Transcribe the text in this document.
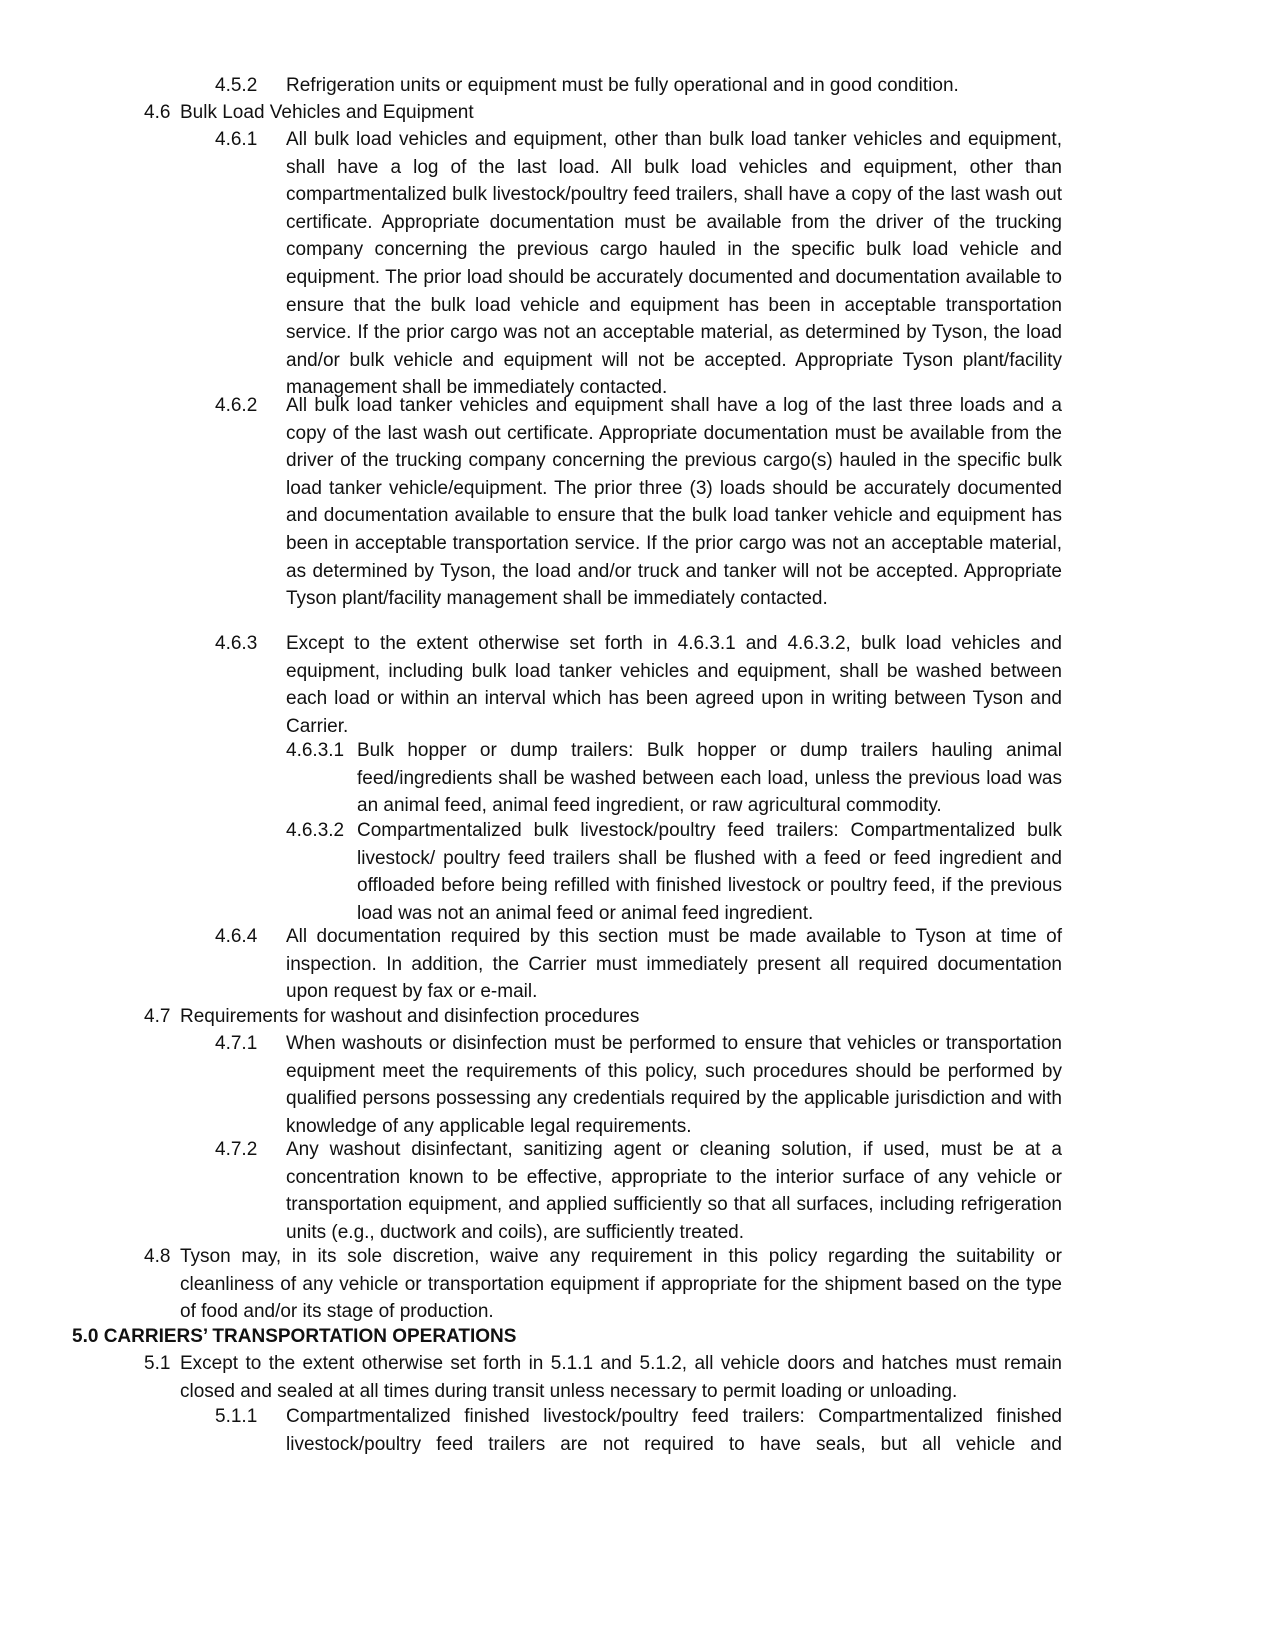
4.5.2 Refrigeration units or equipment must be fully operational and in good condition.
4.6 Bulk Load Vehicles and Equipment
4.6.1 All bulk load vehicles and equipment, other than bulk load tanker vehicles and equipment, shall have a log of the last load. All bulk load vehicles and equipment, other than compartmentalized bulk livestock/poultry feed trailers, shall have a copy of the last wash out certificate. Appropriate documentation must be available from the driver of the trucking company concerning the previous cargo hauled in the specific bulk load vehicle and equipment. The prior load should be accurately documented and documentation available to ensure that the bulk load vehicle and equipment has been in acceptable transportation service. If the prior cargo was not an acceptable material, as determined by Tyson, the load and/or bulk vehicle and equipment will not be accepted. Appropriate Tyson plant/facility management shall be immediately contacted.
4.6.2 All bulk load tanker vehicles and equipment shall have a log of the last three loads and a copy of the last wash out certificate. Appropriate documentation must be available from the driver of the trucking company concerning the previous cargo(s) hauled in the specific bulk load tanker vehicle/equipment. The prior three (3) loads should be accurately documented and documentation available to ensure that the bulk load tanker vehicle and equipment has been in acceptable transportation service. If the prior cargo was not an acceptable material, as determined by Tyson, the load and/or truck and tanker will not be accepted. Appropriate Tyson plant/facility management shall be immediately contacted.
4.6.3 Except to the extent otherwise set forth in 4.6.3.1 and 4.6.3.2, bulk load vehicles and equipment, including bulk load tanker vehicles and equipment, shall be washed between each load or within an interval which has been agreed upon in writing between Tyson and Carrier.
4.6.3.1 Bulk hopper or dump trailers: Bulk hopper or dump trailers hauling animal feed/ingredients shall be washed between each load, unless the previous load was an animal feed, animal feed ingredient, or raw agricultural commodity.
4.6.3.2 Compartmentalized bulk livestock/poultry feed trailers: Compartmentalized bulk livestock/ poultry feed trailers shall be flushed with a feed or feed ingredient and offloaded before being refilled with finished livestock or poultry feed, if the previous load was not an animal feed or animal feed ingredient.
4.6.4 All documentation required by this section must be made available to Tyson at time of inspection. In addition, the Carrier must immediately present all required documentation upon request by fax or e-mail.
4.7 Requirements for washout and disinfection procedures
4.7.1 When washouts or disinfection must be performed to ensure that vehicles or transportation equipment meet the requirements of this policy, such procedures should be performed by qualified persons possessing any credentials required by the applicable jurisdiction and with knowledge of any applicable legal requirements.
4.7.2 Any washout disinfectant, sanitizing agent or cleaning solution, if used, must be at a concentration known to be effective, appropriate to the interior surface of any vehicle or transportation equipment, and applied sufficiently so that all surfaces, including refrigeration units (e.g., ductwork and coils), are sufficiently treated.
4.8 Tyson may, in its sole discretion, waive any requirement in this policy regarding the suitability or cleanliness of any vehicle or transportation equipment if appropriate for the shipment based on the type of food and/or its stage of production.
5.0 CARRIERS’ TRANSPORTATION OPERATIONS
5.1 Except to the extent otherwise set forth in 5.1.1 and 5.1.2, all vehicle doors and hatches must remain closed and sealed at all times during transit unless necessary to permit loading or unloading.
5.1.1 Compartmentalized finished livestock/poultry feed trailers: Compartmentalized finished livestock/poultry feed trailers are not required to have seals, but all vehicle and
